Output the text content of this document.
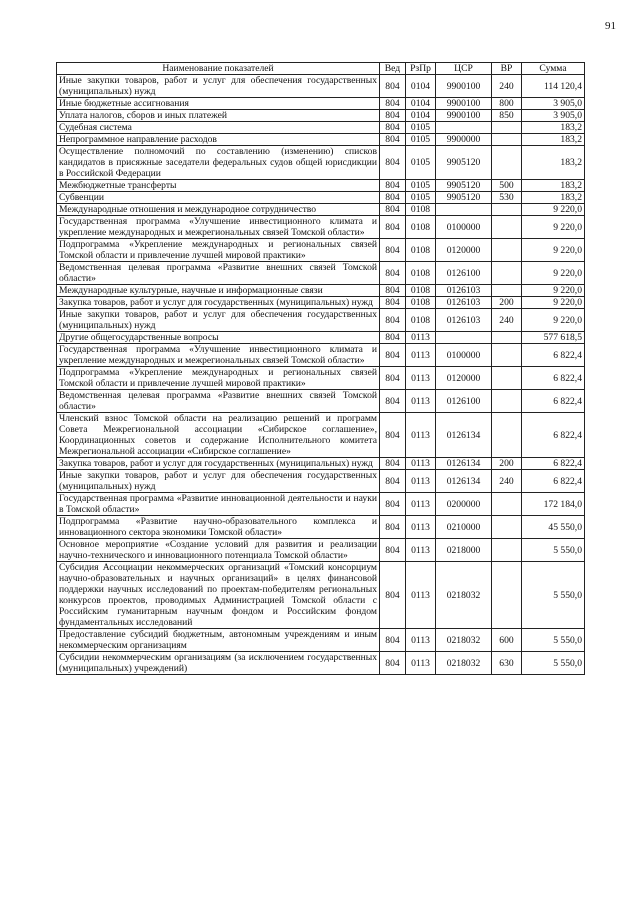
91
Наименование показателей	Вед	РзПр	ЦСР	ВР	Сумма
Иные закупки товаров, работ и услуг для обеспечения государственных (муниципальных) нужд	804	0104	9900100	240	114 120,4
Иные бюджетные ассигнования	804	0104	9900100	800	3 905,0
Уплата налогов, сборов и иных платежей	804	0104	9900100	850	3 905,0
Судебная система	804	0105			183,2
Непрограммное направление расходов	804	0105	9900000		183,2
Осуществление полномочий по составлению (изменению) списков кандидатов в присяжные заседатели федеральных судов общей юрисдикции в Российской Федерации	804	0105	9905120		183,2
Межбюджетные трансферты	804	0105	9905120	500	183,2
Субвенции	804	0105	9905120	530	183,2
Международные отношения и международное сотрудничество	804	0108			9 220,0
Государственная программа «Улучшение инвестиционного климата и укрепление международных и межрегиональных связей Томской области»	804	0108	0100000		9 220,0
Подпрограмма «Укрепление международных и региональных связей Томской области и привлечение лучшей мировой практики»	804	0108	0120000		9 220,0
Ведомственная целевая программа «Развитие внешних связей Томской области»	804	0108	0126100		9 220,0
Международные культурные, научные и информационные связи	804	0108	0126103		9 220,0
Закупка товаров, работ и услуг для государственных (муниципальных) нужд	804	0108	0126103	200	9 220,0
Иные закупки товаров, работ и услуг для обеспечения государственных (муниципальных) нужд	804	0108	0126103	240	9 220,0
Другие общегосударственные вопросы	804	0113			577 618,5
Государственная программа «Улучшение инвестиционного климата и укрепление международных и межрегиональных связей Томской области»	804	0113	0100000		6 822,4
Подпрограмма «Укрепление международных и региональных связей Томской области и привлечение лучшей мировой практики»	804	0113	0120000		6 822,4
Ведомственная целевая программа «Развитие внешних связей Томской области»	804	0113	0126100		6 822,4
Членский взнос Томской области на реализацию решений и программ Совета Межрегиональной ассоциации «Сибирское соглашение», Координационных советов и содержание Исполнительного комитета Межрегиональной ассоциации «Сибирское соглашение»	804	0113	0126134		6 822,4
Закупка товаров, работ и услуг для государственных (муниципальных) нужд	804	0113	0126134	200	6 822,4
Иные закупки товаров, работ и услуг для обеспечения государственных (муниципальных) нужд	804	0113	0126134	240	6 822,4
Государственная программа «Развитие инновационной деятельности и науки в Томской области»	804	0113	0200000		172 184,0
Подпрограмма «Развитие научно-образовательного комплекса и инновационного сектора экономики Томской области»	804	0113	0210000		45 550,0
Основное мероприятие «Создание условий для развития и реализации научно-технического и инновационного потенциала Томской области»	804	0113	0218000		5 550,0
Субсидия Ассоциации некоммерческих организаций «Томский консорциум научно-образовательных и научных организаций» в целях финансовой поддержки научных исследований по проектам-победителям региональных конкурсов проектов, проводимых Администрацией Томской области с Российским гуманитарным научным фондом и Российским фондом фундаментальных исследований	804	0113	0218032		5 550,0
Предоставление субсидий бюджетным, автономным учреждениям и иным некоммерческим организациям	804	0113	0218032	600	5 550,0
Субсидии некоммерческим организациям (за исключением государственных (муниципальных) учреждений)	804	0113	0218032	630	5 550,0
